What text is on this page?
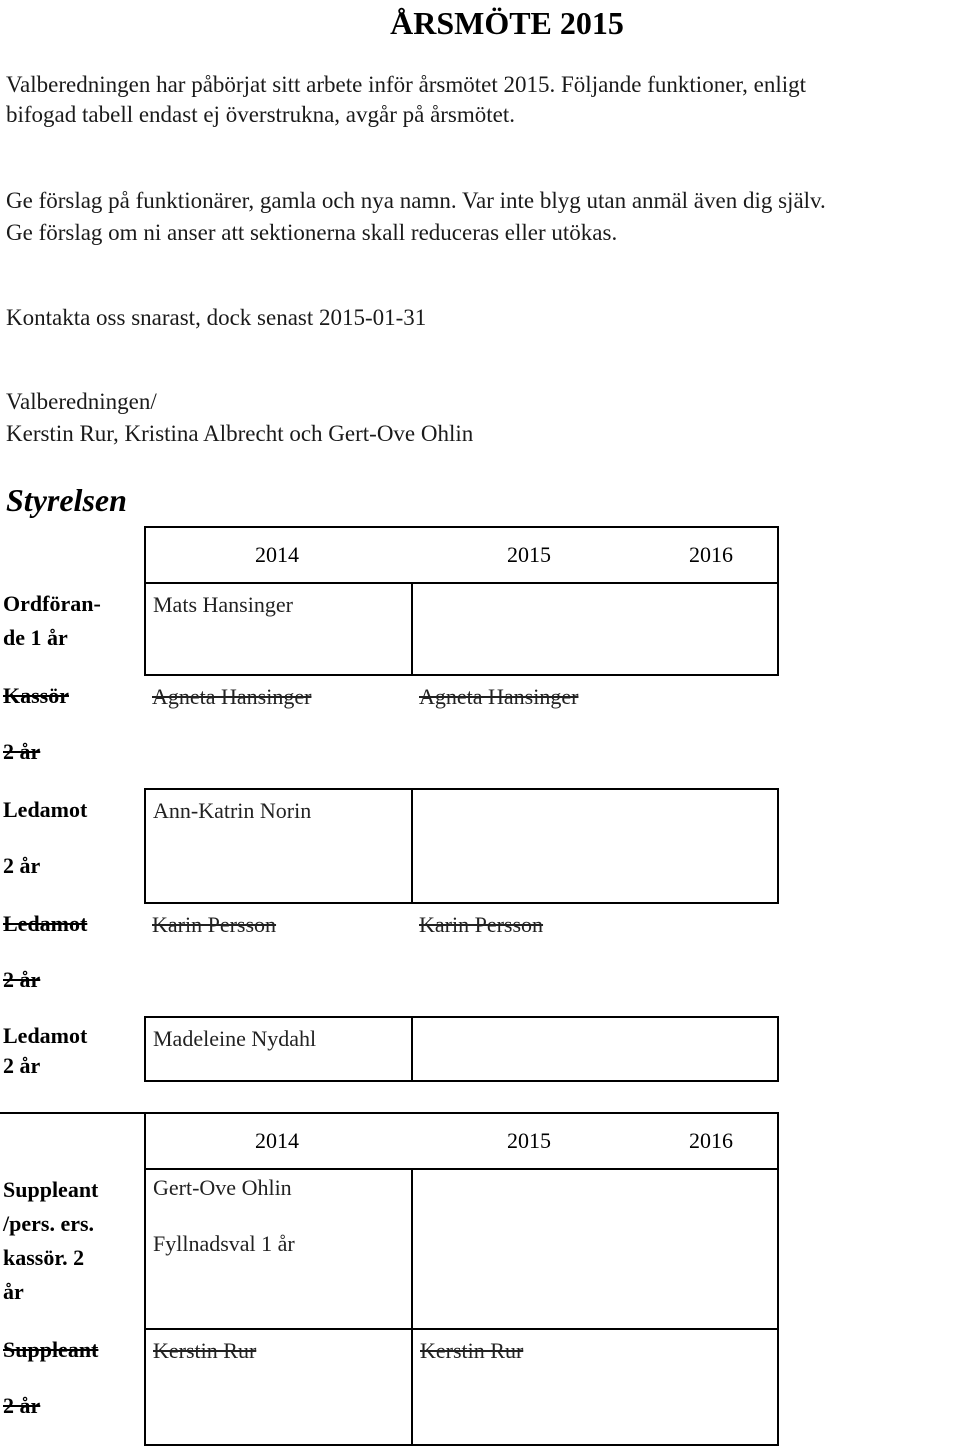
ÅRSMÖTE 2015
Valberedningen har påbörjat sitt arbete inför årsmötet 2015. Följande funktioner, enligt
bifogad tabell endast ej överstrukna, avgår på årsmötet.
Ge förslag på funktionärer, gamla och nya namn. Var inte blyg utan anmäl även dig själv.
Ge förslag om ni anser att sektionerna skall reduceras eller utökas.
Kontakta oss snarast, dock senast 2015-01-31
Valberedningen/
Kerstin Rur, Kristina Albrecht och Gert-Ove Ohlin
Styrelsen

	2014 2015 2016	

Ordföran-
de 1 år	Mats Hansinger	

Kassör
2 år	Agneta Hansinger	Agneta Hansinger

Ledamot
2 år	Ann-Katrin Norin	

Ledamot
2 år	Karin Persson	Karin Persson

Ledamot
2 år	Madeleine Nydahl	

	2014 2015 2016	

Suppleant
/pers. ers.
kassör. 2
år	Gert-Ove Ohlin
Fyllnadsval 1 år	

Suppleant
2 år	Kerstin Rur	Kerstin Rur
